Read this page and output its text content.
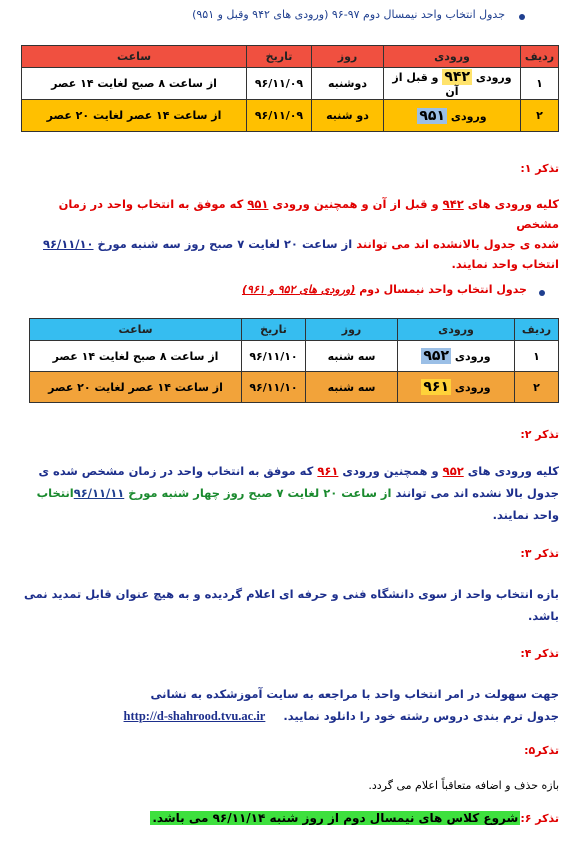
جدول انتخاب واحد نیمسال دوم ۹۷-۹۶ (ورودی های ۹۴۲ وقبل و ۹۵۱)
ردیف	ورودی	روز	تاریخ	ساعت
۱	ورودی ۹۴۲ و قبل از آن	دوشنبه	۹۶/۱۱/۰۹	از ساعت ۸ صبح لغایت ۱۴ عصر
۲	ورودی ۹۵۱	دو شنبه	۹۶/۱۱/۰۹	از ساعت ۱۴ عصر لغایت ۲۰ عصر
تذکر ۱:
کلیه ورودی های ۹۴۲ و قبل از آن و همچنین ورودی ۹۵۱ که موفق به انتخاب واحد در زمان مشخص
شده ی جدول بالانشده اند می توانند از ساعت ۲۰ لغایت ۷ صبح روز سه شنبه مورخ ۹۶/۱۱/۱۰
انتخاب واحد نمایند.
جدول انتخاب واحد نیمسال دوم (ورودی های ۹۵۲ و ۹۶۱)
ردیف	ورودی	روز	تاریخ	ساعت
۱	ورودی ۹۵۲	سه شنبه	۹۶/۱۱/۱۰	از ساعت ۸ صبح لغایت ۱۴ عصر
۲	ورودی ۹۶۱	سه شنبه	۹۶/۱۱/۱۰	از ساعت ۱۴ عصر لغایت ۲۰ عصر
تذکر ۲:
کلیه ورودی های ۹۵۲ و همچنین ورودی ۹۶۱ که موفق به انتخاب واحد در زمان مشخص شده ی
جدول بالا نشده اند می توانند از ساعت ۲۰ لغایت ۷ صبح روز چهار شنبه مورخ ۹۶/۱۱/۱۱انتخاب
واحد نمایند.
تذکر ۳:
بازه انتخاب واحد از سوی دانشگاه فنی و حرفه ای اعلام گردیده و به هیچ عنوان قابل تمدید نمی
باشد.
تذکر ۴:
جهت سهولت در امر انتخاب واحد با مراجعه به سایت آموزشکده به نشانی
جدول ترم بندی دروس رشته خود را دانلود نمایید. http://d-shahrood.tvu.ac.ir
تذکر۵:
بازه حذف و اضافه متعاقباً اعلام می گردد.
تذکر ۶:شروع کلاس های نیمسال دوم از روز شنبه ۹۶/۱۱/۱۴ می باشد.
